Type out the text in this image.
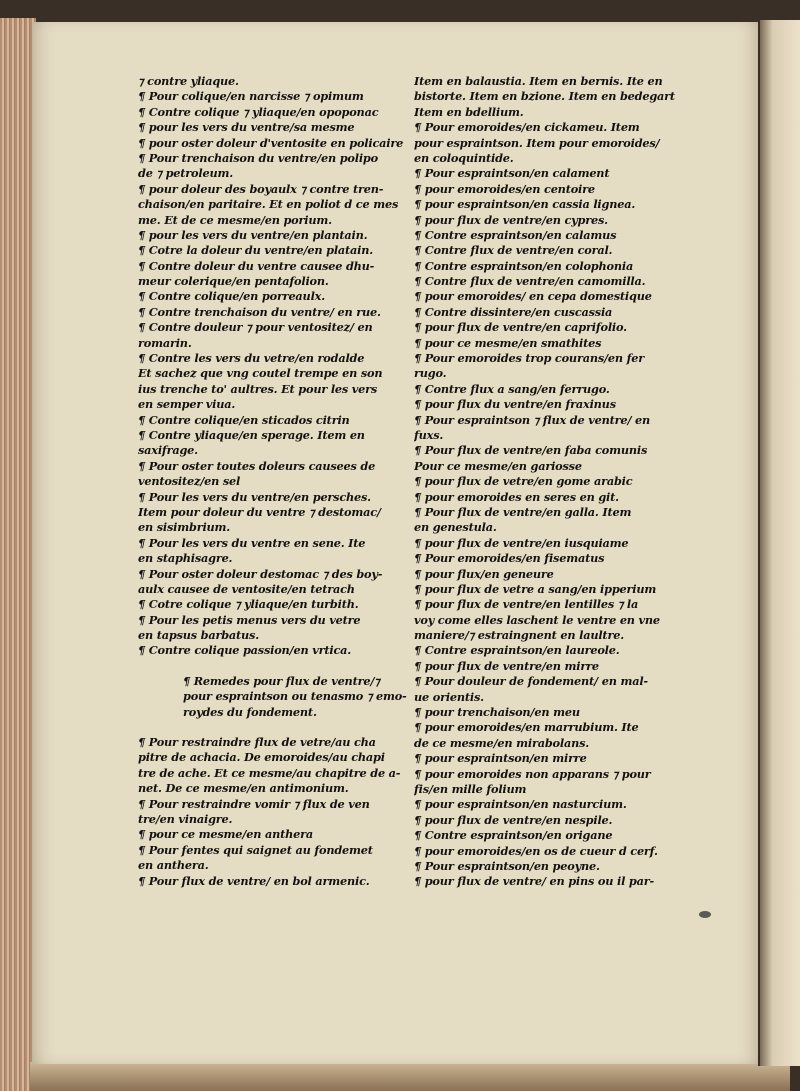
⁊ contre yliaque.
¶ Pour colique/en narcisse ⁊ opimum
¶ Contre colique ⁊ yliaque/en opoponac
¶ pour les vers du ventre/sa mesme
¶ pour oster doleur d'ventosite en policaire
¶ Pour trenchaison du ventre/en polipo
de ⁊ petroleum.
¶ pour doleur des boyaulx ⁊ contre tren‑
chaison/en paritaire. Et en poliot d ce mes
me. Et de ce mesme/en porium.
¶ pour les vers du ventre/en plantain.
¶ Cotre la doleur du ventre/en platain.
¶ Contre doleur du ventre causee dhu‑
meur colerique/en pentafolion.
¶ Contre colique/en porreaulx.
¶ Contre trenchaison du ventre/ en rue.
¶ Contre douleur ⁊ pour ventositez/ en
romarin.
¶ Contre les vers du vetre/en rodalde
Et sachez que vng coutel trempe en son
ius trenche to' aultres. Et pour les vers
en semper viua.
¶ Contre colique/en sticados citrin
¶ Contre yliaque/en sperage. Item en
saxifrage.
¶ Pour oster toutes doleurs causees de
ventositez/en sel
¶ Pour les vers du ventre/en persches.
Item pour doleur du ventre ⁊ destomac/
en sisimbrium.
¶ Pour les vers du ventre en sene. Ite
en staphisagre.
¶ Pour oster doleur destomac ⁊ des boy‑
aulx causee de ventosite/en tetrach
¶ Cotre colique ⁊ yliaque/en turbith.
¶ Pour les petis menus vers du vetre
en tapsus barbatus.
¶ Contre colique passion/en vrtica.
¶ Remedes pour flux de ventre/⁊
pour espraintson ou tenasmo ⁊ emo‑
roydes du fondement.
¶ Pour restraindre flux de vetre/au cha
pitre de achacia. De emoroides/au chapi
tre de ache. Et ce mesme/au chapitre de a‑
net. De ce mesme/en antimonium.
¶ Pour restraindre vomir ⁊ flux de ven
tre/en vinaigre.
¶ pour ce mesme/en anthera
¶ Pour fentes qui saignet au fondemet
en anthera.
¶ Pour flux de ventre/ en bol armenic.
Item en balaustia. Item en bernis. Ite en
bistorte. Item en bzione. Item en bedegart
Item en bdellium.
¶ Pour emoroides/en cickameu. Item
pour espraintson. Item pour emoroides/
en coloquintide.
¶ Pour espraintson/en calament
¶ pour emoroides/en centoire
¶ pour espraintson/en cassia lignea.
¶ pour flux de ventre/en cypres.
¶ Contre espraintson/en calamus
¶ Contre flux de ventre/en coral.
¶ Contre espraintson/en colophonia
¶ Contre flux de ventre/en camomilla.
¶ pour emoroides/ en cepa domestique
¶ Contre dissintere/en cuscassia
¶ pour flux de ventre/en caprifolio.
¶ pour ce mesme/en smathites
¶ Pour emoroides trop courans/en fer
rugo.
¶ Contre flux a sang/en ferrugo.
¶ pour flux du ventre/en fraxinus
¶ Pour espraintson ⁊ flux de ventre/ en
fuxs.
¶ Pour flux de ventre/en faba comunis
Pour ce mesme/en gariosse
¶ pour flux de vetre/en gome arabic
¶ pour emoroides en seres en git.
¶ Pour flux de ventre/en galla. Item
en genestula.
¶ pour flux de ventre/en iusquiame
¶ Pour emoroides/en fisematus
¶ pour flux/en geneure
¶ pour flux de vetre a sang/en ipperium
¶ pour flux de ventre/en lentilles ⁊ la
voy come elles laschent le ventre en vne
maniere/⁊ estraingnent en laultre.
¶ Contre espraintson/en laureole.
¶ pour flux de ventre/en mirre
¶ Pour douleur de fondement/ en mal‑
ue orientis.
¶ pour trenchaison/en meu
¶ pour emoroides/en marrubium. Ite
de ce mesme/en mirabolans.
¶ pour espraintson/en mirre
¶ pour emoroides non apparans ⁊ pour
fis/en mille folium
¶ pour espraintson/en nasturcium.
¶ pour flux de ventre/en nespile.
¶ Contre espraintson/en origane
¶ pour emoroides/en os de cueur d cerf.
¶ Pour espraintson/en peoyne.
¶ pour flux de ventre/ en pins ou il par‑
